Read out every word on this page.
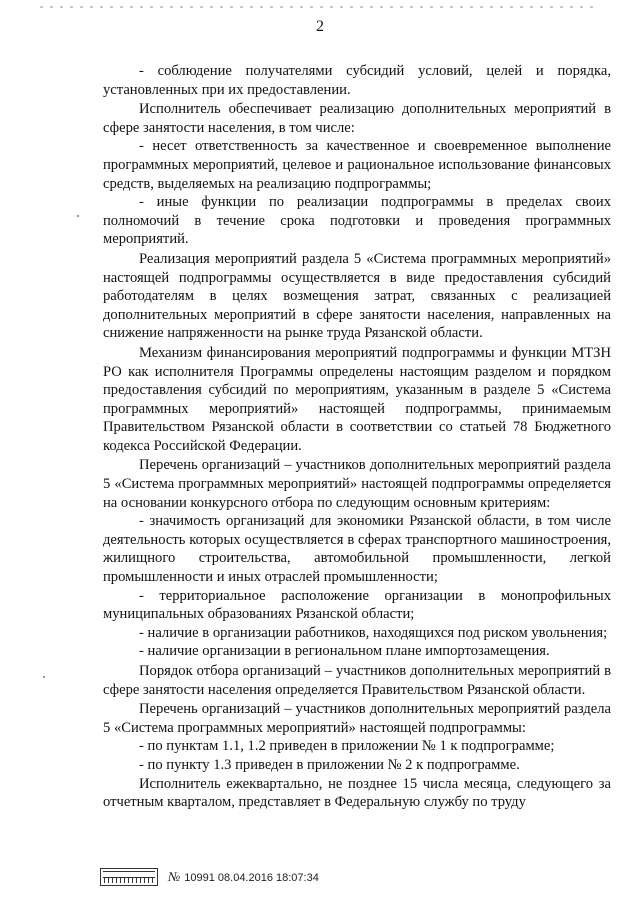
2

- соблюдение получателями субсидий условий, целей и порядка, установленных при их предоставлении.

Исполнитель обеспечивает реализацию дополнительных мероприятий в сфере занятости населения, в том числе:

- несет ответственность за качественное и своевременное выполнение программных мероприятий, целевое и рациональное использование финансовых средств, выделяемых на реализацию подпрограммы;

- иные функции по реализации подпрограммы в пределах своих полномочий в течение срока подготовки и проведения программных мероприятий.

Реализация мероприятий раздела 5 «Система программных мероприятий» настоящей подпрограммы осуществляется в виде предоставления субсидий работодателям в целях возмещения затрат, связанных с реализацией дополнительных мероприятий в сфере занятости населения, направленных на снижение напряженности на рынке труда Рязанской области.

Механизм финансирования мероприятий подпрограммы и функции МТЗН РО как исполнителя Программы определены настоящим разделом и порядком предоставления субсидий по мероприятиям, указанным в разделе 5 «Система программных мероприятий» настоящей подпрограммы, принимаемым Правительством Рязанской области в соответствии со статьей 78 Бюджетного кодекса Российской Федерации.

Перечень организаций – участников дополнительных мероприятий раздела 5 «Система программных мероприятий» настоящей подпрограммы определяется на основании конкурсного отбора по следующим основным критериям:

- значимость организаций для экономики Рязанской области, в том числе деятельность которых осуществляется в сферах транспортного машиностроения, жилищного строительства, автомобильной промышленности, легкой промышленности и иных отраслей промышленности;

- территориальное расположение организации в монопрофильных муниципальных образованиях Рязанской области;

- наличие в организации работников, находящихся под риском увольнения;

- наличие организации в региональном плане импортозамещения.

Порядок отбора организаций – участников дополнительных мероприятий в сфере занятости населения определяется Правительством Рязанской области.

Перечень организаций – участников дополнительных мероприятий раздела 5 «Система программных мероприятий» настоящей подпрограммы:

- по пунктам 1.1, 1.2 приведен в приложении № 1 к подпрограмме;

- по пункту 1.3 приведен в приложении № 2 к подпрограмме.

Исполнитель ежеквартально, не позднее 15 числа месяца, следующего за отчетным кварталом, представляет в Федеральную службу по труду

№ 10991 08.04.2016 18:07:34
